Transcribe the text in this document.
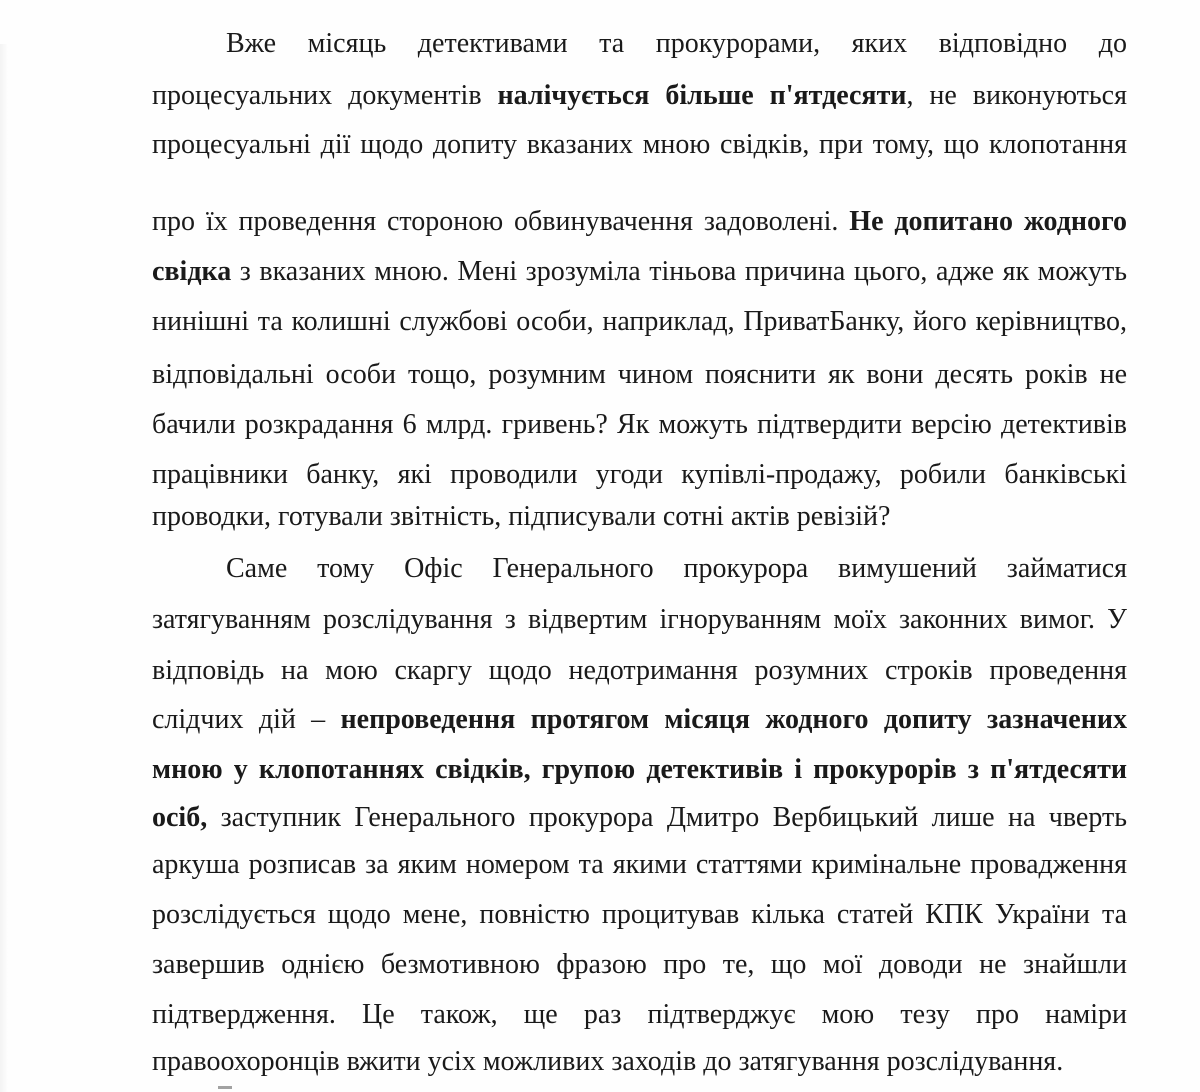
Вже місяць детективами та прокурорами, яких відповідно до
процесуальних документів налічується більше п'ятдесяти, не виконуються
процесуальні дії щодо допиту вказаних мною свідків, при тому, що клопотання
про їх проведення стороною обвинувачення задоволені. Не допитано жодного
свідка з вказаних мною. Мені зрозуміла тіньова причина цього, адже як можуть
нинішні та колишні службові особи, наприклад, ПриватБанку, його керівництво,
відповідальні особи тощо, розумним чином пояснити як вони десять років не
бачили розкрадання 6 млрд. гривень? Як можуть підтвердити версію детективів
працівники банку, які проводили угоди купівлі-продажу, робили банківські
проводки, готували звітність, підписували сотні актів ревізій?
Саме тому Офіс Генерального прокурора вимушений займатися
затягуванням розслідування з відвертим ігноруванням моїх законних вимог. У
відповідь на мою скаргу щодо недотримання розумних строків проведення
слідчих дій – непроведення протягом місяця жодного допиту зазначених
мною у клопотаннях свідків, групою детективів і прокурорів з п'ятдесяти
осіб, заступник Генерального прокурора Дмитро Вербицький лише на чверть
аркуша розписав за яким номером та якими статтями кримінальне провадження
розслідується щодо мене, повністю процитував кілька статей КПК України та
завершив однією безмотивною фразою про те, що мої доводи не знайшли
підтвердження. Це також, ще раз підтверджує мою тезу про наміри
правоохоронців вжити усіх можливих заходів до затягування розслідування.
